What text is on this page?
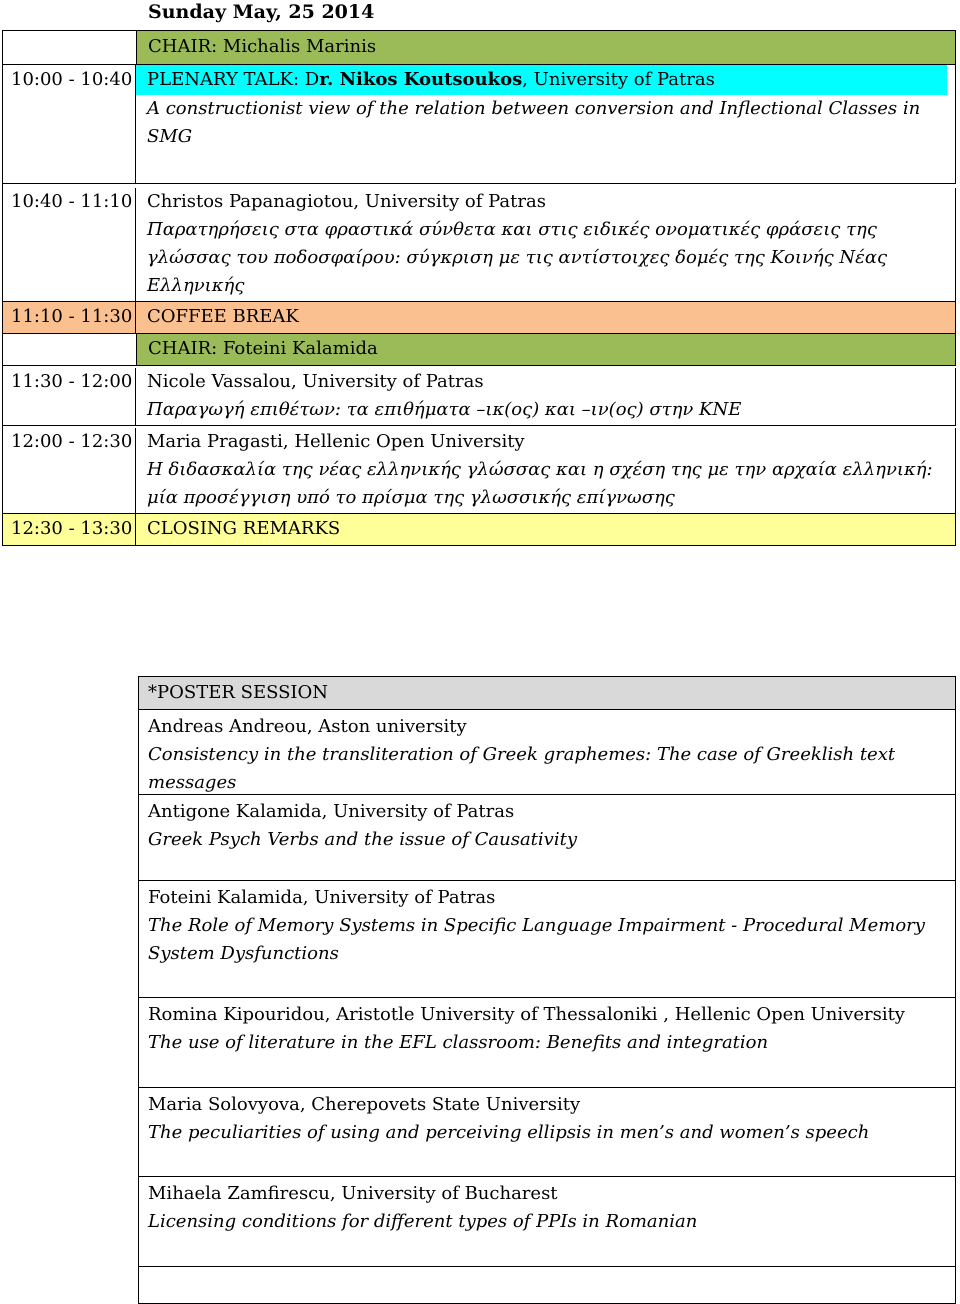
Sunday May, 25 2014
CHAIR: Michalis Marinis
10:00 - 10:40 PLENARY TALK: Dr. Nikos Koutsoukos, University of Patras
A constructionist view of the relation between conversion and Inflectional Classes in SMG
10:40 - 11:10 Christos Papanagiotou, University of Patras
Παρατηρήσεις στα φραστικά σύνθετα και στις ειδικές ονοματικές φράσεις της γλώσσας του ποδοσφαίρου: σύγκριση με τις αντίστοιχες δομές της Κοινής Νέας Ελληνικής
11:10 - 11:30 COFFEE BREAK
CHAIR: Foteini Kalamida
11:30 - 12:00 Nicole Vassalou, University of Patras
Παραγωγή επιθέτων: τα επιθήματα –ικ(ος) και –ιν(ος) στην ΚΝΕ
12:00 - 12:30 Maria Pragasti, Hellenic Open University
Η διδασκαλία της νέας ελληνικής γλώσσας και η σχέση της με την αρχαία ελληνική: μία προσέγγιση υπό το πρίσμα της γλωσσικής επίγνωσης
12:30 - 13:30 CLOSING REMARKS
*POSTER SESSION
Andreas Andreou, Aston university
Consistency in the transliteration of Greek graphemes: The case of Greeklish text messages
Antigone Kalamida, University of Patras
Greek Psych Verbs and the issue of Causativity
Foteini Kalamida, University of Patras
The Role of Memory Systems in Specific Language Impairment - Procedural Memory System Dysfunctions
Romina Kipouridou, Aristotle University of Thessaloniki , Hellenic Open University
The use of literature in the EFL classroom: Benefits and integration
Maria Solovyova, Cherepovets State University
The peculiarities of using and perceiving ellipsis in men’s and women’s speech
Mihaela Zamfirescu, University of Bucharest
Licensing conditions for different types of PPIs in Romanian
